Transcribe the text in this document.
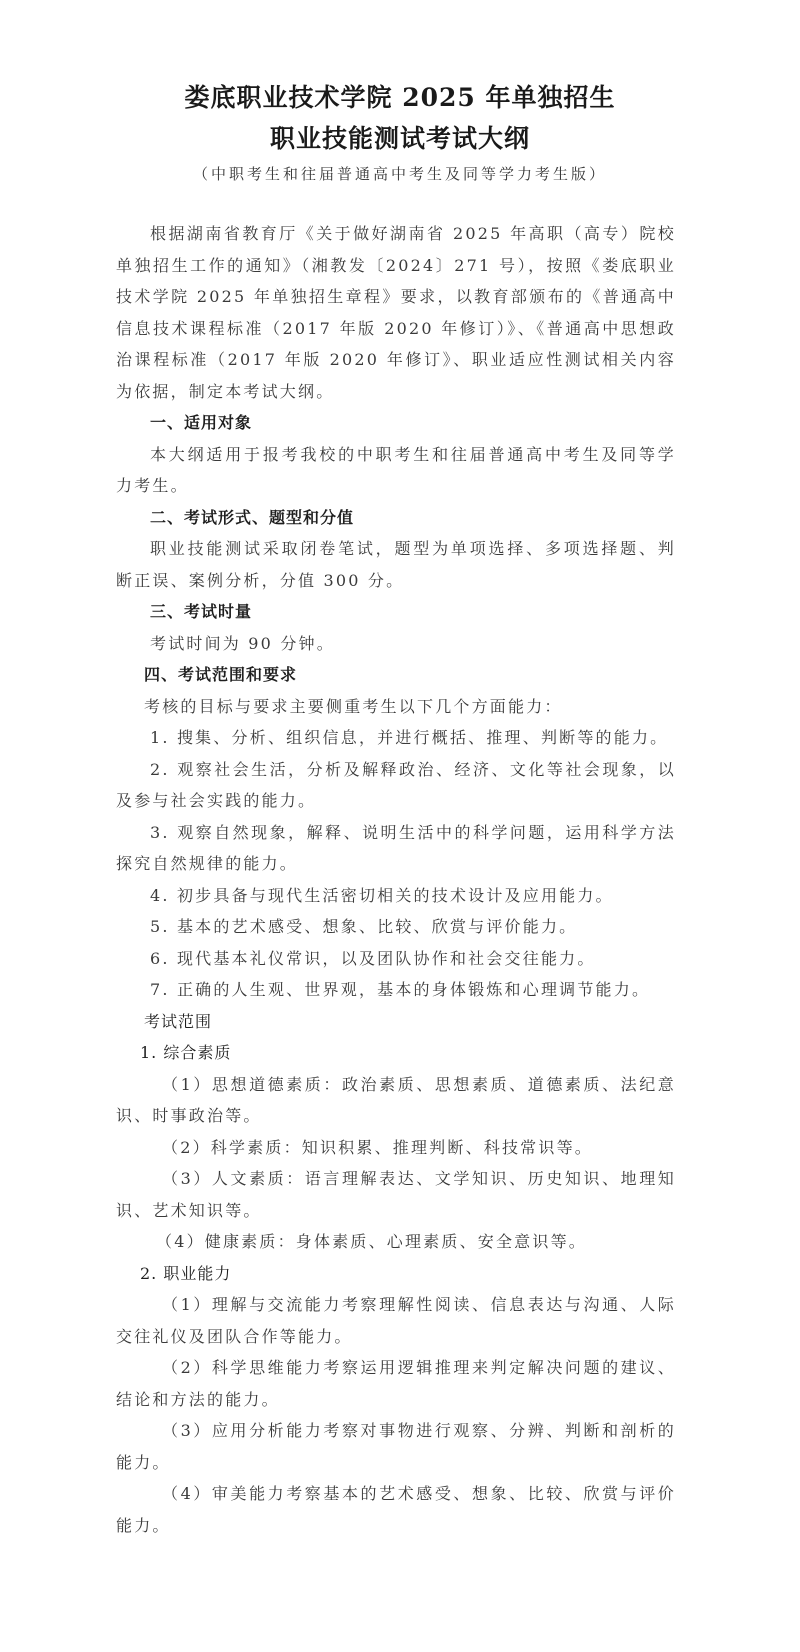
娄底职业技术学院 2025 年单独招生
职业技能测试考试大纲
（中职考生和往届普通高中考生及同等学力考生版）

根据湖南省教育厅《关于做好湖南省 2025 年高职（高专）院校单独招生工作的通知》（湘教发〔2024〕271 号），按照《娄底职业技术学院 2025 年单独招生章程》要求，以教育部颁布的《普通高中信息技术课程标准（2017 年版 2020 年修订）》、《普通高中思想政治课程标准（2017 年版 2020 年修订》、职业适应性测试相关内容为依据，制定本考试大纲。

一、适用对象

本大纲适用于报考我校的中职考生和往届普通高中考生及同等学力考生。

二、考试形式、题型和分值

职业技能测试采取闭卷笔试，题型为单项选择、多项选择题、判断正误、案例分析，分值 300 分。

三、考试时量

考试时间为 90 分钟。

四、考试范围和要求

考核的目标与要求主要侧重考生以下几个方面能力：

1. 搜集、分析、组织信息，并进行概括、推理、判断等的能力。

2. 观察社会生活，分析及解释政治、经济、文化等社会现象，以及参与社会实践的能力。

3. 观察自然现象，解释、说明生活中的科学问题，运用科学方法探究自然规律的能力。

4. 初步具备与现代生活密切相关的技术设计及应用能力。

5. 基本的艺术感受、想象、比较、欣赏与评价能力。

6. 现代基本礼仪常识，以及团队协作和社会交往能力。

7. 正确的人生观、世界观，基本的身体锻炼和心理调节能力。

考试范围

1. 综合素质

（1）思想道德素质：政治素质、思想素质、道德素质、法纪意识、时事政治等。

（2）科学素质：知识积累、推理判断、科技常识等。

（3）人文素质：语言理解表达、文学知识、历史知识、地理知识、艺术知识等。

（4）健康素质：身体素质、心理素质、安全意识等。

2. 职业能力

（1）理解与交流能力考察理解性阅读、信息表达与沟通、人际交往礼仪及团队合作等能力。

（2）科学思维能力考察运用逻辑推理来判定解决问题的建议、结论和方法的能力。

（3）应用分析能力考察对事物进行观察、分辨、判断和剖析的能力。

（4）审美能力考察基本的艺术感受、想象、比较、欣赏与评价能力。
